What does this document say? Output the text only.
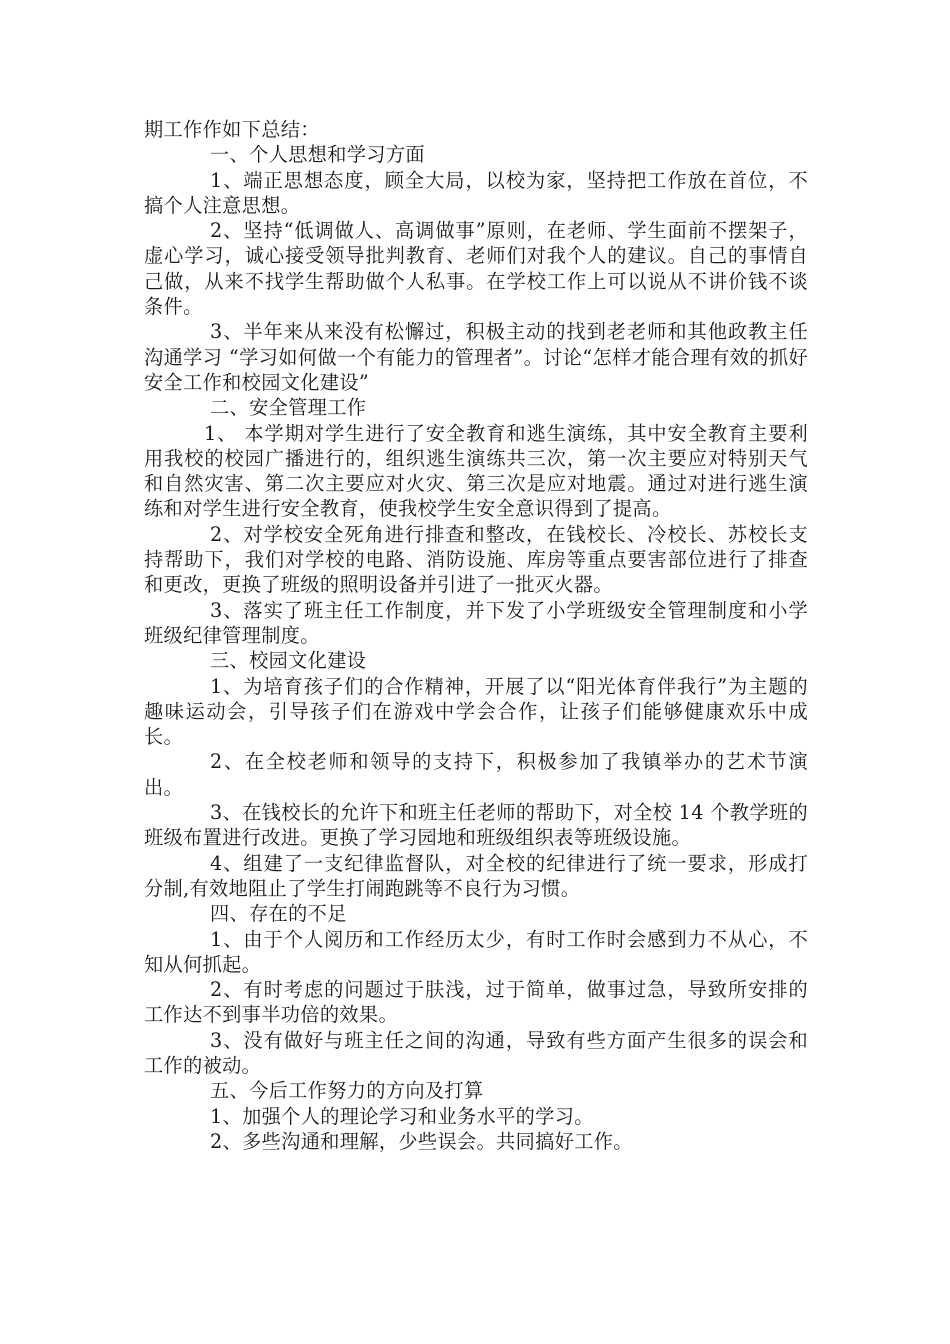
期工作作如下总结：

一、个人思想和学习方面

1、端正思想态度，顾全大局，以校为家，坚持把工作放在首位，不搞个人注意思想。

2、坚持“低调做人、高调做事”原则，在老师、学生面前不摆架子，虚心学习，诚心接受领导批判教育、老师们对我个人的建议。自己的事情自己做，从来不找学生帮助做个人私事。在学校工作上可以说从不讲价钱不谈条件。

3、半年来从来没有松懈过，积极主动的找到老老师和其他政教主任沟通学习 “学习如何做一个有能力的管理者”。讨论“怎样才能合理有效的抓好安全工作和校园文化建设”

二、安全管理工作

1、 本学期对学生进行了安全教育和逃生演练，其中安全教育主要利用我校的校园广播进行的，组织逃生演练共三次，第一次主要应对特别天气和自然灾害、第二次主要应对火灾、第三次是应对地震。通过对进行逃生演练和对学生进行安全教育，使我校学生安全意识得到了提高。

2、对学校安全死角进行排查和整改，在钱校长、冷校长、苏校长支持帮助下，我们对学校的电路、消防设施、库房等重点要害部位进行了排查和更改，更换了班级的照明设备并引进了一批灭火器。

3、落实了班主任工作制度，并下发了小学班级安全管理制度和小学班级纪律管理制度。

三、校园文化建设

1、为培育孩子们的合作精神，开展了以“阳光体育伴我行”为主题的趣味运动会，引导孩子们在游戏中学会合作，让孩子们能够健康欢乐中成长。

2、在全校老师和领导的支持下，积极参加了我镇举办的艺术节演出。

3、在钱校长的允许下和班主任老师的帮助下，对全校 14 个教学班的班级布置进行改进。更换了学习园地和班级组织表等班级设施。

4、组建了一支纪律监督队，对全校的纪律进行了统一要求，形成打分制,有效地阻止了学生打闹跑跳等不良行为习惯。

四、存在的不足

1、由于个人阅历和工作经历太少，有时工作时会感到力不从心，不知从何抓起。

2、有时考虑的问题过于肤浅，过于简单，做事过急，导致所安排的工作达不到事半功倍的效果。

3、没有做好与班主任之间的沟通，导致有些方面产生很多的误会和工作的被动。

五、今后工作努力的方向及打算

1、加强个人的理论学习和业务水平的学习。

2、多些沟通和理解，少些误会。共同搞好工作。
